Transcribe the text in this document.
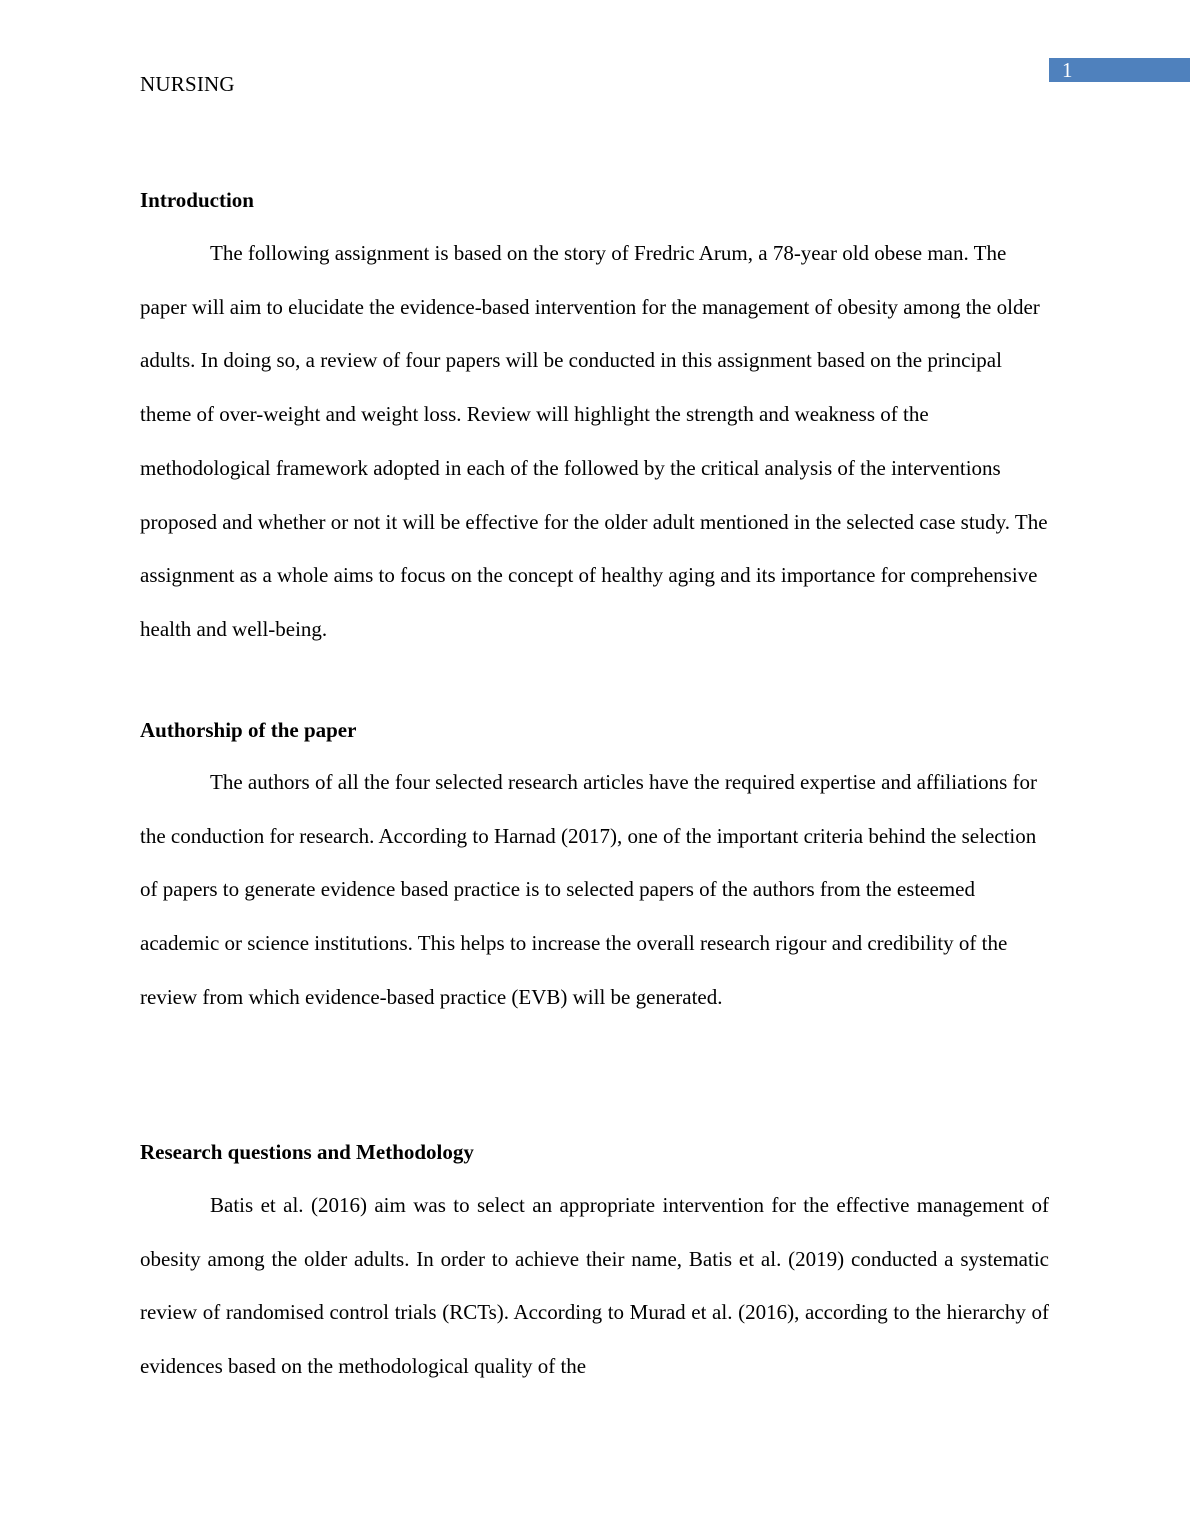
1
NURSING
Introduction

The following assignment is based on the story of Fredric Arum, a 78-year old obese man. The paper will aim to elucidate the evidence-based intervention for the management of obesity among the older adults. In doing so, a review of four papers will be conducted in this assignment based on the principal theme of over-weight and weight loss. Review will highlight the strength and weakness of the methodological framework adopted in each of the followed by the critical analysis of the interventions proposed and whether or not it will be effective for the older adult mentioned in the selected case study. The assignment as a whole aims to focus on the concept of healthy aging and its importance for comprehensive health and well-being.

Authorship of the paper

The authors of all the four selected research articles have the required expertise and affiliations for the conduction for research. According to Harnad (2017), one of the important criteria behind the selection of papers to generate evidence based practice is to selected papers of the authors from the esteemed academic or science institutions. This helps to increase the overall research rigour and credibility of the review from which evidence-based practice (EVB) will be generated.

Research questions and Methodology

Batis et al. (2016) aim was to select an appropriate intervention for the effective management of obesity among the older adults. In order to achieve their name, Batis et al. (2019) conducted a systematic review of randomised control trials (RCTs). According to Murad et al. (2016), according to the hierarchy of evidences based on the methodological quality of the
